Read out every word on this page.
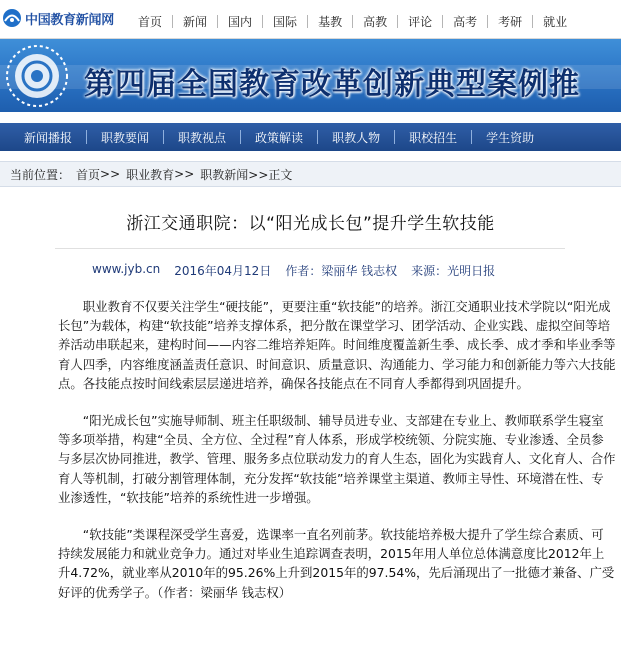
中国教育新闻网 首页 新闻 国内 国际 基教 高教 评论 高考 考研 就业
第四届全国教育改革创新典型案例推
新闻播报	职教要闻	职教视点	政策解读	职教人物	职校招生	学生资助
当前位置： 首页 >> 职业教育 >> 职教新闻 >>正文
浙江交通职院：以“阳光成长包”提升学生软技能
www.jyb.cn 2016年04月12日 作者：梁丽华 钱志权 来源：光明日报

职业教育不仅要关注学生“硬技能”，更要注重“软技能”的培养。浙江交通职业技术学院以“阳光成长包”为载体，构建“软技能”培养支撑体系，把分散在课堂学习、团学活动、企业实践、虚拟空间等培养活动串联起来，建构时间——内容二维培养矩阵。时间维度覆盖新生季、成长季、成才季和毕业季等育人四季，内容维度涵盖责任意识、时间意识、质量意识、沟通能力、学习能力和创新能力等六大技能点。各技能点按时间线索层层递进培养，确保各技能点在不同育人季都得到巩固提升。

“阳光成长包”实施导师制、班主任职级制、辅导员进专业、支部建在专业上、教师联系学生寝室等多项举措，构建“全员、全方位、全过程”育人体系，形成学校统领、分院实施、专业渗透、全员参与多层次协同推进，教学、管理、服务多点位联动发力的育人生态，固化为实践育人、文化育人、合作育人等机制，打破分割管理体制，充分发挥“软技能”培养课堂主渠道、教师主导性、环境潜在性、专业渗透性，“软技能”培养的系统性进一步增强。

“软技能”类课程深受学生喜爱，选课率一直名列前茅。软技能培养极大提升了学生综合素质、可持续发展能力和就业竞争力。通过对毕业生追踪调查表明，2015年用人单位总体满意度比2012年上升4.72%，就业率从2010年的95.26%上升到2015年的97.54%，先后涌现出了一批德才兼备、广受好评的优秀学子。（作者：梁丽华 钱志权）
